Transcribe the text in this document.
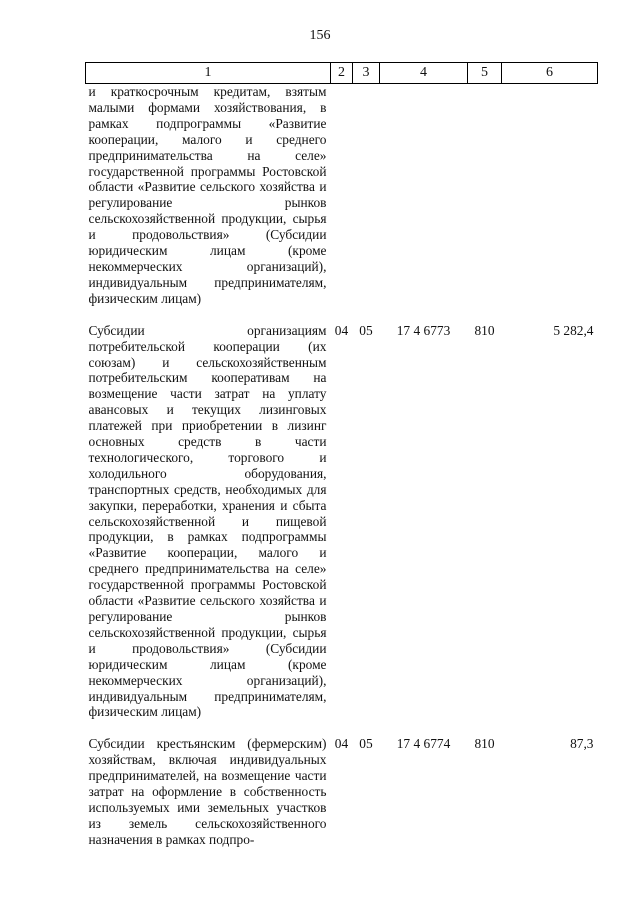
156
1	2	3	4	5	6
и краткосрочным кредитам, взятым малыми формами хозяйствования, в рамках подпрограммы «Развитие кооперации, малого и среднего предпринимательства на селе» государственной программы Ростовской области «Развитие сельского хозяйства и регулирование рынков сельскохозяйственной продукции, сырья и продовольствия» (Субсидии юридическим лицам (кроме некоммерческих организаций), индивидуальным предпринимателям, физическим лицам)					

Субсидии организациям потребительской кооперации (их союзам) и сельскохозяйственным потребительским кооперативам на возмещение части затрат на уплату авансовых и текущих лизинговых платежей при приобретении в лизинг основных средств в части технологического, торгового и холодильного оборудования, транспортных средств, необходимых для закупки, переработки, хранения и сбыта сельскохозяйственной и пищевой продукции, в рамках подпрограммы «Развитие кооперации, малого и среднего предпринимательства на селе» государственной программы Ростовской области «Развитие сельского хозяйства и регулирование рынков сельскохозяйственной продукции, сырья и продовольствия» (Субсидии юридическим лицам (кроме некоммерческих организаций), индивидуальным предпринимателям, физическим лицам)	04	05	17 4 6773	810	5 282,4

Субсидии крестьянским (фермерским) хозяйствам, включая индивидуальных предпринимателей, на возмещение части затрат на оформление в собственность используемых ими земельных участков из земель сельскохозяйственного назначения в рамках подпро-	04	05	17 4 6774	810	87,3
